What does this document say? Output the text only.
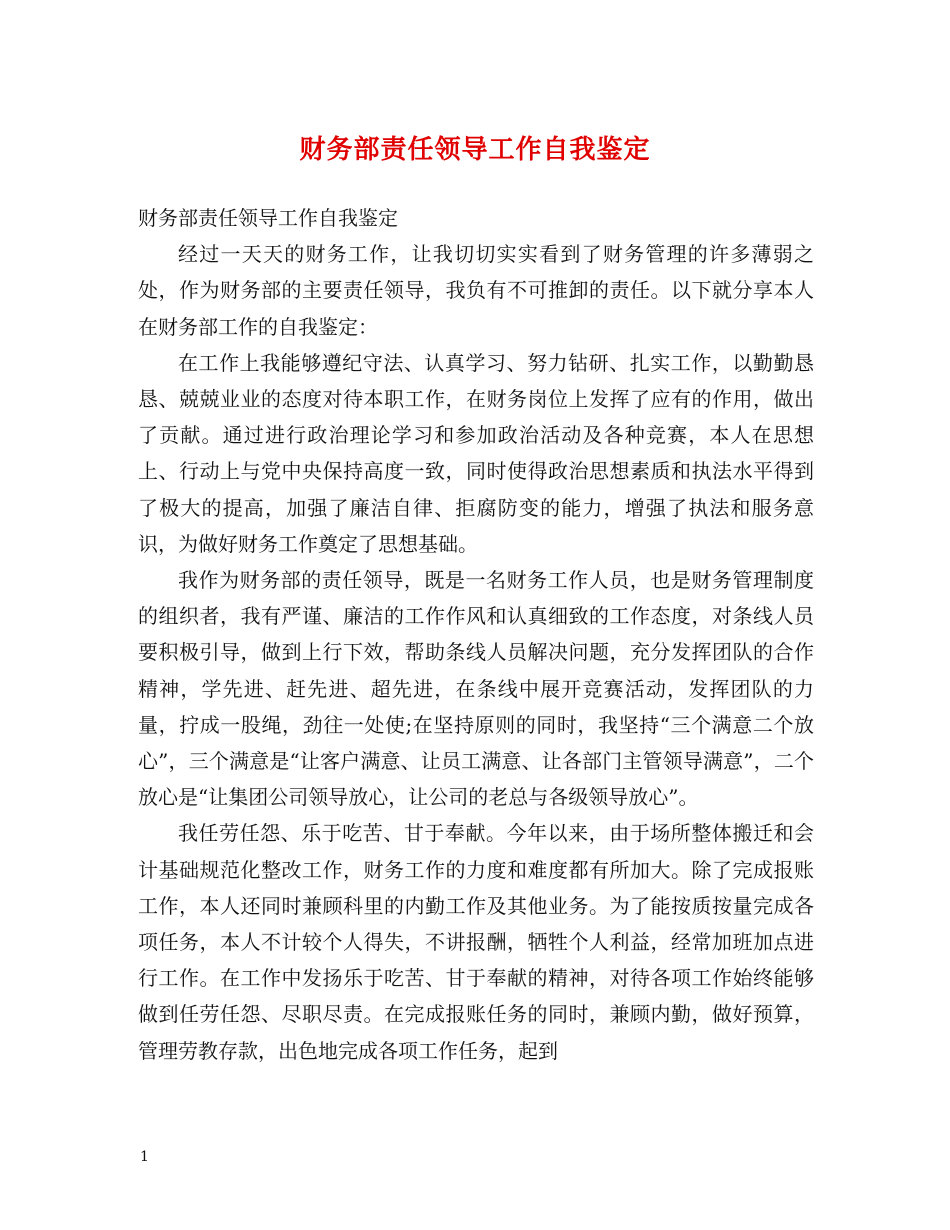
财务部责任领导工作自我鉴定

财务部责任领导工作自我鉴定

经过一天天的财务工作，让我切切实实看到了财务管理的许多薄弱之处，作为财务部的主要责任领导，我负有不可推卸的责任。以下就分享本人在财务部工作的自我鉴定：

在工作上我能够遵纪守法、认真学习、努力钻研、扎实工作，以勤勤恳恳、兢兢业业的态度对待本职工作，在财务岗位上发挥了应有的作用，做出了贡献。通过进行政治理论学习和参加政治活动及各种竞赛，本人在思想上、行动上与党中央保持高度一致，同时使得政治思想素质和执法水平得到了极大的提高，加强了廉洁自律、拒腐防变的能力，增强了执法和服务意识，为做好财务工作奠定了思想基础。

我作为财务部的责任领导，既是一名财务工作人员，也是财务管理制度的组织者，我有严谨、廉洁的工作作风和认真细致的工作态度，对条线人员要积极引导，做到上行下效，帮助条线人员解决问题，充分发挥团队的合作精神，学先进、赶先进、超先进，在条线中展开竞赛活动，发挥团队的力量，拧成一股绳，劲往一处使;在坚持原则的同时，我坚持“三个满意二个放心”，三个满意是“让客户满意、让员工满意、让各部门主管领导满意”，二个放心是“让集团公司领导放心，让公司的老总与各级领导放心”。

我任劳任怨、乐于吃苦、甘于奉献。今年以来，由于场所整体搬迁和会计基础规范化整改工作，财务工作的力度和难度都有所加大。除了完成报账工作，本人还同时兼顾科里的内勤工作及其他业务。为了能按质按量完成各项任务，本人不计较个人得失，不讲报酬，牺牲个人利益，经常加班加点进行工作。在工作中发扬乐于吃苦、甘于奉献的精神，对待各项工作始终能够做到任劳任怨、尽职尽责。在完成报账任务的同时，兼顾内勤，做好预算，管理劳教存款，出色地完成各项工作任务，起到

1
